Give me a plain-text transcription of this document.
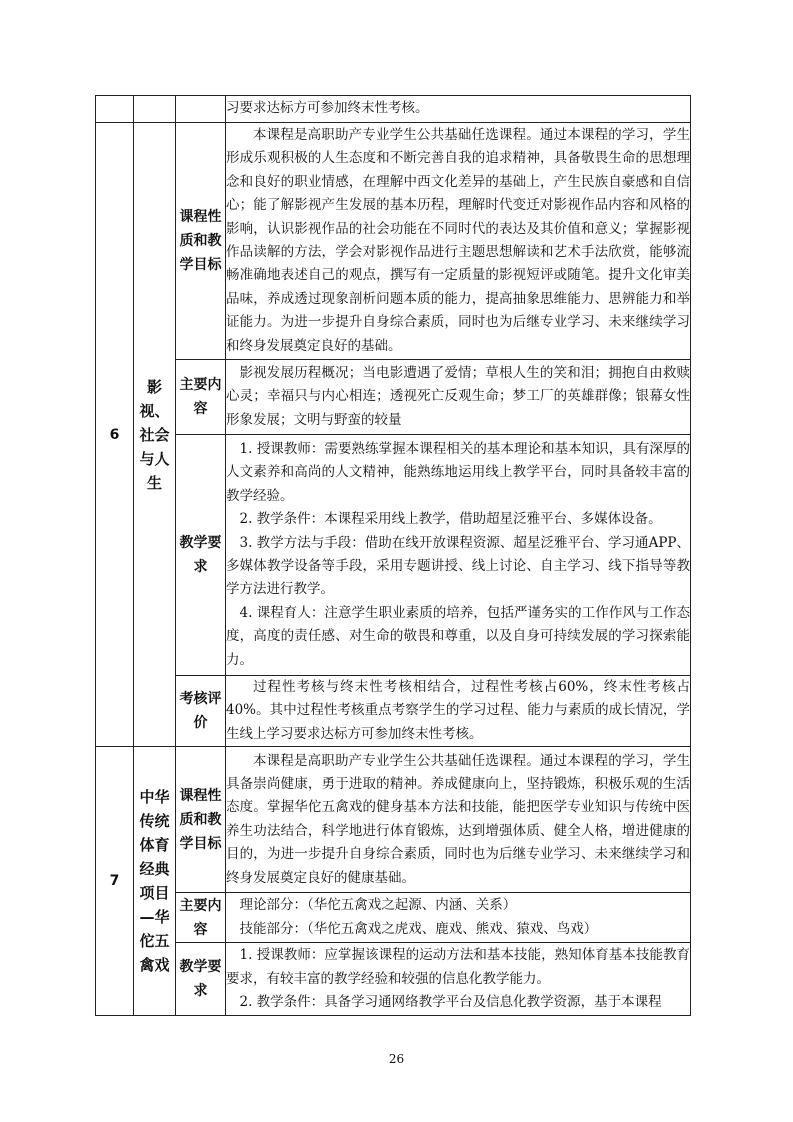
			习要求达标方可参加终末性考核。

6	影视、社会与人生	课程性质和教学目标	本课程是高职助产专业学生公共基础任选课程。通过本课程的学习，学生形成乐观积极的人生态度和不断完善自我的追求精神，具备敬畏生命的思想理念和良好的职业情感，在理解中西文化差异的基础上，产生民族自豪感和自信心；能了解影视产生发展的基本历程，理解时代变迁对影视作品内容和风格的影响，认识影视作品的社会功能在不同时代的表达及其价值和意义；掌握影视作品读解的方法，学会对影视作品进行主题思想解读和艺术手法欣赏，能够流畅准确地表述自己的观点，撰写有一定质量的影视短评或随笔。提升文化审美品味，养成透过现象剖析问题本质的能力，提高抽象思维能力、思辨能力和举证能力。为进一步提升自身综合素质，同时也为后继专业学习、未来继续学习和终身发展奠定良好的基础。

		主要内容	影视发展历程概况；当电影遭遇了爱情；草根人生的笑和泪；拥抱自由救赎心灵；幸福只与内心相连；透视死亡反观生命；梦工厂的英雄群像；银幕女性形象发展；文明与野蛮的较量

		教学要求	1. 授课教师：需要熟练掌握本课程相关的基本理论和基本知识，具有深厚的人文素养和高尚的人文精神，能熟练地运用线上教学平台，同时具备较丰富的教学经验。

2. 教学条件：本课程采用线上教学，借助超星泛雅平台、多媒体设备。

3. 教学方法与手段：借助在线开放课程资源、超星泛雅平台、学习通APP、多媒体教学设备等手段，采用专题讲授、线上讨论、自主学习、线下指导等教学方法进行教学。

4. 课程育人：注意学生职业素质的培养，包括严谨务实的工作作风与工作态度，高度的责任感、对生命的敬畏和尊重，以及自身可持续发展的学习探索能力。

		考核评价	过程性考核与终末性考核相结合，过程性考核占60%，终末性考核占40%。其中过程性考核重点考察学生的学习过程、能力与素质的成长情况，学生线上学习要求达标方可参加终末性考核。

7	中华传统体育经典项目—华佗五禽戏	课程性质和教学目标	本课程是高职助产专业学生公共基础任选课程。通过本课程的学习，学生具备崇尚健康，勇于进取的精神。养成健康向上，坚持锻炼，积极乐观的生活态度。掌握华佗五禽戏的健身基本方法和技能，能把医学专业知识与传统中医养生功法结合，科学地进行体育锻炼，达到增强体质、健全人格，增进健康的目的，为进一步提升自身综合素质，同时也为后继专业学习、未来继续学习和终身发展奠定良好的健康基础。

		主要内容	理论部分：（华佗五禽戏之起源、内涵、关系）

技能部分：（华佗五禽戏之虎戏、鹿戏、熊戏、猿戏、鸟戏）

		教学要求	1. 授课教师：应掌握该课程的运动方法和基本技能，熟知体育基本技能教育要求，有较丰富的教学经验和较强的信息化教学能力。

2. 教学条件：具备学习通网络教学平台及信息化教学资源，基于本课程

26
